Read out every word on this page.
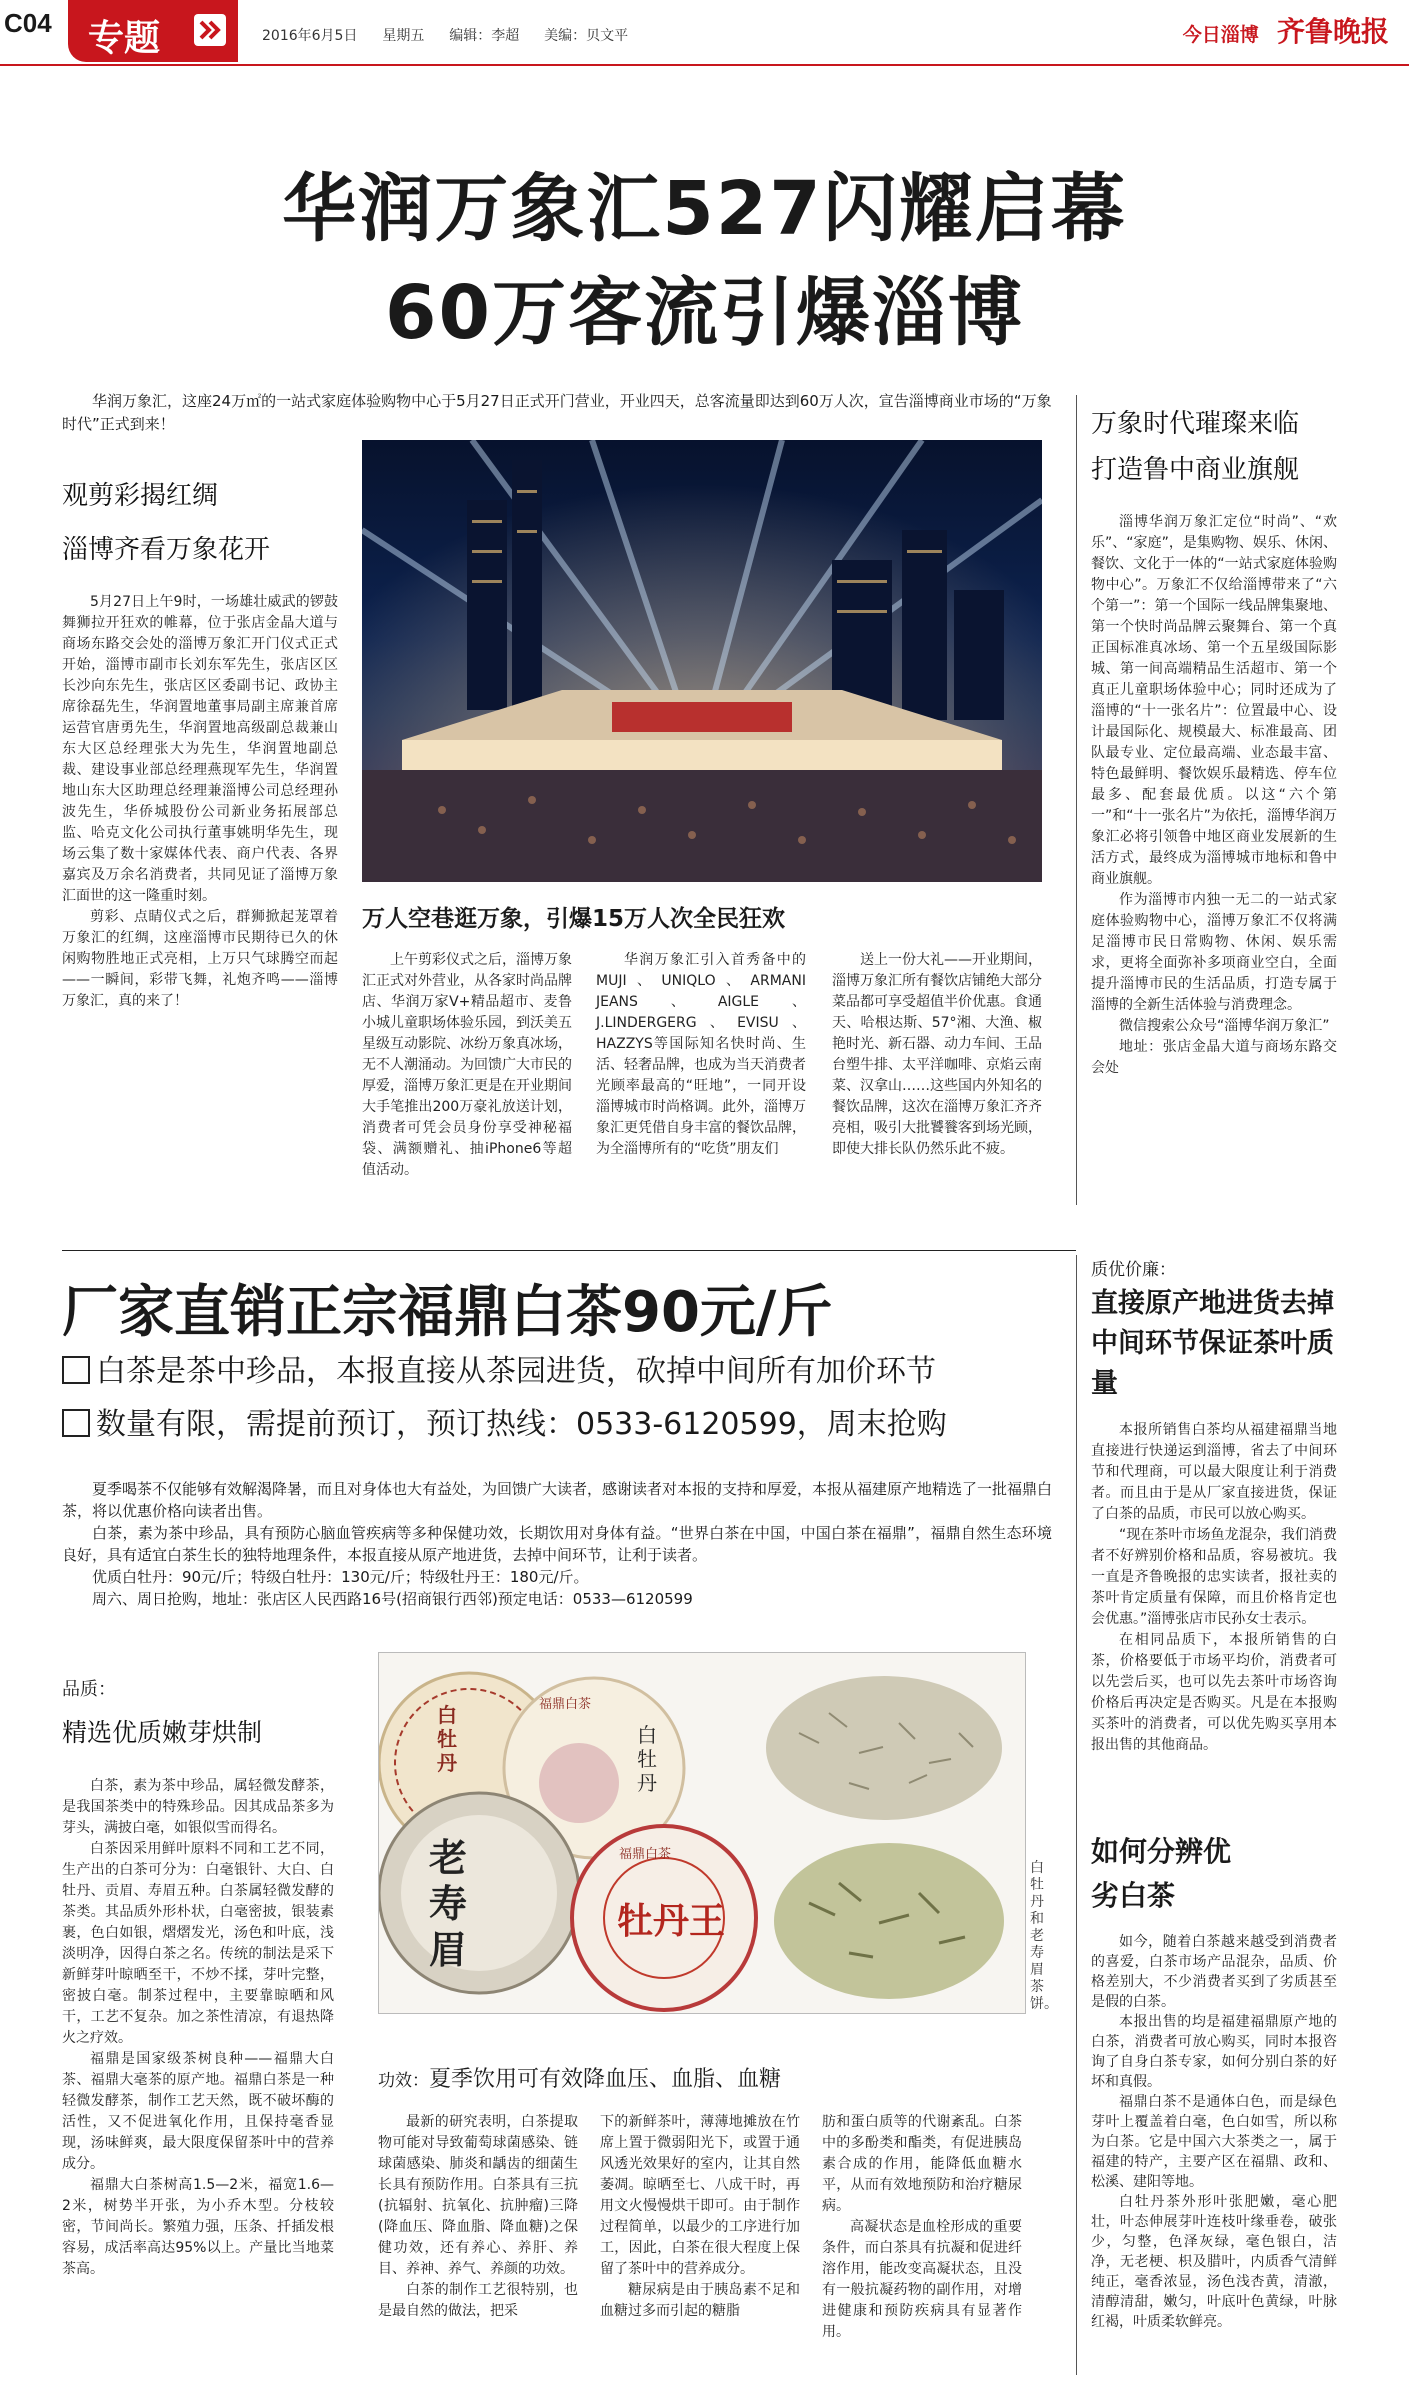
C04 专题	2016年6月5日 星期五 编辑：李超 美编：贝文平	今日淄博 齐鲁晚报
华润万象汇527闪耀启幕
60万客流引爆淄博
华润万象汇，这座24万㎡的一站式家庭体验购物中心于5月27日正式开门营业，开业四天，总客流量即达到60万人次，宣告淄博商业市场的“万象时代”正式到来！
观剪彩揭红绸
淄博齐看万象花开

5月27日上午9时，一场雄壮威武的锣鼓舞狮拉开狂欢的帷幕，位于张店金晶大道与商场东路交会处的淄博万象汇开门仪式正式开始，淄博市副市长刘东军先生，张店区区长沙向东先生，张店区区委副书记、政协主席徐磊先生，华润置地董事局副主席兼首席运营官唐勇先生，华润置地高级副总裁兼山东大区总经理张大为先生，华润置地副总裁、建设事业部总经理燕现军先生，华润置地山东大区助理总经理兼淄博公司总经理孙波先生，华侨城股份公司新业务拓展部总监、哈克文化公司执行董事姚明华先生，现场云集了数十家媒体代表、商户代表、各界嘉宾及万余名消费者，共同见证了淄博万象汇面世的这一隆重时刻。

剪彩、点睛仪式之后，群狮掀起茏罩着万象汇的红绸，这座淄博市民期待已久的休闲购物胜地正式亮相，上万只气球腾空而起——一瞬间，彩带飞舞，礼炮齐鸣——淄博万象汇，真的来了！

万人空巷逛万象，引爆15万人次全民狂欢
上午剪彩仪式之后，淄博万象汇正式对外营业，从各家时尚品牌店、华润万家V+精品超市、麦鲁小城儿童职场体验乐园，到沃美五星级互动影院、冰纷万象真冰场，无不人潮涌动。为回馈广大市民的厚爱，淄博万象汇更是在开业期间大手笔推出200万豪礼放送计划，消费者可凭会员身份享受神秘福袋、满额赠礼、抽iPhone6等超值活动。
华润万象汇引入首秀备中的MUJI、UNIQLO、ARMANI JEANS、AIGLE、J.LINDERGERG、EVISU、HAZZYS等国际知名快时尚、生活、轻奢品牌，也成为当天消费者光顾率最高的“旺地”，一同开设淄博城市时尚格调。此外，淄博万象汇更凭借自身丰富的餐饮品牌，为全淄博所有的“吃货”朋友们
送上一份大礼——开业期间，淄博万象汇所有餐饮店铺绝大部分菜品都可享受超值半价优惠。食通天、哈根达斯、57°湘、大渔、椒艳时光、新石器、动力车间、王品台塑牛排、太平洋咖啡、京焰云南菜、汉拿山……这些国内外知名的餐饮品牌，这次在淄博万象汇齐齐亮相，吸引大批饕餮客到场光顾，即使大排长队仍然乐此不疲。
万象时代璀璨来临
打造鲁中商业旗舰

淄博华润万象汇定位“时尚”、“欢乐”、“家庭”，是集购物、娱乐、休闲、餐饮、文化于一体的“一站式家庭体验购物中心”。万象汇不仅给淄博带来了“六个第一”：第一个国际一线品牌集聚地、第一个快时尚品牌云聚舞台、第一个真正国标准真冰场、第一个五星级国际影城、第一间高端精品生活超市、第一个真正儿童职场体验中心；同时还成为了淄博的“十一张名片”：位置最中心、设计最国际化、规模最大、标准最高、团队最专业、定位最高端、业态最丰富、特色最鲜明、餐饮娱乐最精选、停车位最多、配套最优质。以这“六个第一”和“十一张名片”为依托，淄博华润万象汇必将引领鲁中地区商业发展新的生活方式，最终成为淄博城市地标和鲁中商业旗舰。

作为淄博市内独一无二的一站式家庭体验购物中心，淄博万象汇不仅将满足淄博市民日常购物、休闲、娱乐需求，更将全面弥补多项商业空白，全面提升淄博市民的生活品质，打造专属于淄博的全新生活体验与消费理念。

微信搜索公众号“淄博华润万象汇”

地址：张店金晶大道与商场东路交会处

厂家直销正宗福鼎白茶90元/斤
白茶是茶中珍品，本报直接从茶园进货，砍掉中间所有加价环节
数量有限，需提前预订，预订热线：0533-6120599，周末抢购

夏季喝茶不仅能够有效解渴降暑，而且对身体也大有益处，为回馈广大读者，感谢读者对本报的支持和厚爱，本报从福建原产地精选了一批福鼎白茶，将以优惠价格向读者出售。

白茶，素为茶中珍品，具有预防心脑血管疾病等多种保健功效，长期饮用对身体有益。“世界白茶在中国，中国白茶在福鼎”，福鼎自然生态环境良好，具有适宜白茶生长的独特地理条件，本报直接从原产地进货，去掉中间环节，让利于读者。

优质白牡丹：90元/斤；特级白牡丹：130元/斤；特级牡丹王：180元/斤。

周六、周日抢购，地址：张店区人民西路16号(招商银行西邻)预定电话：0533—6120599

品质：
精选优质嫩芽烘制

白茶，素为茶中珍品，属轻微发酵茶，是我国茶类中的特殊珍品。因其成品茶多为芽头，满披白毫，如银似雪而得名。

白茶因采用鲜叶原料不同和工艺不同，生产出的白茶可分为：白毫银针、大白、白牡丹、贡眉、寿眉五种。白茶属轻微发酵的茶类。其品质外形朴状，白毫密披，银装素裹，色白如银，熠熠发光，汤色和叶底，浅淡明净，因得白茶之名。传统的制法是采下新鲜芽叶晾晒至干，不炒不揉，芽叶完整，密披白毫。制茶过程中，主要靠晾晒和风干，工艺不复杂。加之茶性清凉，有退热降火之疗效。

福鼎是国家级茶树良种——福鼎大白茶、福鼎大毫茶的原产地。福鼎白茶是一种轻微发酵茶，制作工艺天然，既不破坏酶的活性，又不促进氧化作用，且保持毫香显现，汤味鲜爽，最大限度保留茶叶中的营养成分。

福鼎大白茶树高1.5—2米，福宽1.6—2米，树势半开张，为小乔木型。分枝较密，节间尚长。繁殖力强，压条、扦插发根容易，成活率高达95%以上。产量比当地菜茶高。

白牡丹
福鼎白茶
白牡丹
老寿眉
福鼎白茶
牡丹王
白牡丹和老寿眉茶饼。
功效：夏季饮用可有效降血压、血脂、血糖

最新的研究表明，白茶提取物可能对导致葡萄球菌感染、链球菌感染、肺炎和龋齿的细菌生长具有预防作用。白茶具有三抗(抗辐射、抗氧化、抗肿瘤)三降(降血压、降血脂、降血糖)之保健功效，还有养心、养肝、养目、养神、养气、养颜的功效。

白茶的制作工艺很特别，也是最自然的做法，把采

下的新鲜茶叶，薄薄地摊放在竹席上置于微弱阳光下，或置于通风透光效果好的室内，让其自然萎凋。晾晒至七、八成干时，再用文火慢慢烘干即可。由于制作过程简单，以最少的工序进行加工，因此，白茶在很大程度上保留了茶叶中的营养成分。

糖尿病是由于胰岛素不足和血糖过多而引起的糖脂

肪和蛋白质等的代谢紊乱。白茶中的多酚类和酯类，有促进胰岛素合成的作用，能降低血糖水平，从而有效地预防和治疗糖尿病。

高凝状态是血栓形成的重要条件，而白茶具有抗凝和促进纤溶作用，能改变高凝状态，且没有一般抗凝药物的副作用，对增进健康和预防疾病具有显著作用。

质优价廉：
直接原产地进货去掉中间环节保证茶叶质量

本报所销售白茶均从福建福鼎当地直接进行快递运到淄博，省去了中间环节和代理商，可以最大限度让利于消费者。而且由于是从厂家直接进货，保证了白茶的品质，市民可以放心购买。

“现在茶叶市场鱼龙混杂，我们消费者不好辨别价格和品质，容易被坑。我一直是齐鲁晚报的忠实读者，报社卖的茶叶肯定质量有保障，而且价格肯定也会优惠。”淄博张店市民孙女士表示。

在相同品质下，本报所销售的白茶，价格要低于市场平均价，消费者可以先尝后买，也可以先去茶叶市场咨询价格后再决定是否购买。凡是在本报购买茶叶的消费者，可以优先购买享用本报出售的其他商品。

如何分辨优劣白茶

如今，随着白茶越来越受到消费者的喜爱，白茶市场产品混杂，品质、价格差别大，不少消费者买到了劣质甚至是假的白茶。

本报出售的均是福建福鼎原产地的白茶，消费者可放心购买，同时本报咨询了自身白茶专家，如何分别白茶的好坏和真假。

福鼎白茶不是通体白色，而是绿色芽叶上覆盖着白毫，色白如雪，所以称为白茶。它是中国六大茶类之一，属于福建的特产，主要产区在福鼎、政和、松溪、建阳等地。

白牡丹茶外形叶张肥嫩，毫心肥壮，叶态伸展芽叶连枝叶缘垂卷，破张少，匀整，色泽灰绿，毫色银白，洁净，无老梗、枳及腊叶，内质香气清鲜纯正，毫香浓显，汤色浅杏黄，清澈，清醇清甜，嫩匀，叶底叶色黄绿，叶脉红褐，叶质柔软鲜亮。
